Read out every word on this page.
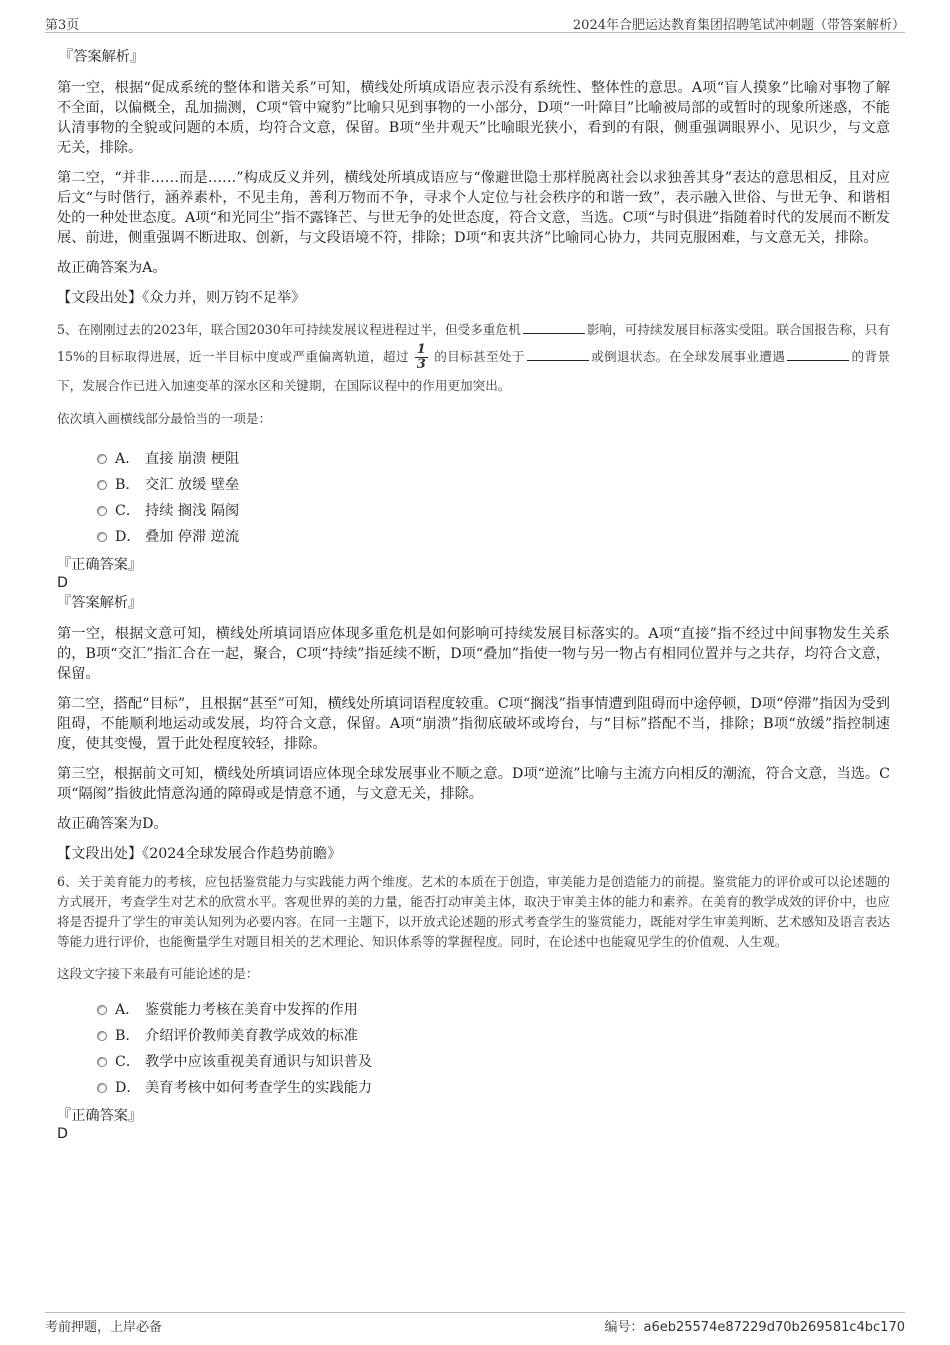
第3页	2024年合肥运达教育集团招聘笔试冲刺题（带答案解析）

『答案解析』

第一空，根据“促成系统的整体和谐关系”可知，横线处所填成语应表示没有系统性、整体性的意思。A项“盲人摸象”比喻对事物了解不全面，以偏概全，乱加揣测，C项“管中窥豹”比喻只见到事物的一小部分，D项“一叶障目”比喻被局部的或暂时的现象所迷惑，不能认清事物的全貌或问题的本质，均符合文意，保留。B项“坐井观天”比喻眼光狭小，看到的有限，侧重强调眼界小、见识少，与文意无关，排除。

第二空，“并非……而是……”构成反义并列，横线处所填成语应与“像避世隐士那样脱离社会以求独善其身”表达的意思相反，且对应后文“与时偕行，涵养素朴，不见圭角，善利万物而不争，寻求个人定位与社会秩序的和谐一致”，表示融入世俗、与世无争、和谐相处的一种处世态度。A项“和光同尘”指不露锋芒、与世无争的处世态度，符合文意，当选。C项“与时俱进”指随着时代的发展而不断发展、前进，侧重强调不断进取、创新，与文段语境不符，排除；D项“和衷共济”比喻同心协力，共同克服困难，与文意无关，排除。

故正确答案为A。

【文段出处】《众力并，则万钧不足举》

5、在刚刚过去的2023年，联合国2030年可持续发展议程进程过半，但受多重危机	影响，可持续发展目标落实受阻。联合国报告称，只有15%的目标取得进展，近一半目标中度或严重偏离轨道，超过 $\frac{1}{3}$ 的目标甚至处于	或倒退状态。在全球发展事业遭遇	的背景下，发展合作已进入加速变革的深水区和关键期，在国际议程中的作用更加突出。

依次填入画横线部分最恰当的一项是：

A． 直接 崩溃 梗阻
B． 交汇 放缓 壁垒
C． 持续 搁浅 隔阂
D． 叠加 停滞 逆流

『正确答案』

D

『答案解析』

第一空，根据文意可知，横线处所填词语应体现多重危机是如何影响可持续发展目标落实的。A项“直接”指不经过中间事物发生关系的，B项“交汇”指汇合在一起，聚合，C项“持续”指延续不断，D项“叠加”指使一物与另一物占有相同位置并与之共存，均符合文意，保留。

第二空，搭配“目标”，且根据“甚至”可知，横线处所填词语程度较重。C项“搁浅”指事情遭到阻碍而中途停顿，D项“停滞”指因为受到阻碍，不能顺利地运动或发展，均符合文意，保留。A项“崩溃”指彻底破坏或垮台，与“目标”搭配不当，排除；B项“放缓”指控制速度，使其变慢，置于此处程度较轻，排除。

第三空，根据前文可知，横线处所填词语应体现全球发展事业不顺之意。D项“逆流”比喻与主流方向相反的潮流，符合文意，当选。C项“隔阂”指彼此情意沟通的障碍或是情意不通，与文意无关，排除。

故正确答案为D。

【文段出处】《2024全球发展合作趋势前瞻》

6、关于美育能力的考核，应包括鉴赏能力与实践能力两个维度。艺术的本质在于创造，审美能力是创造能力的前提。鉴赏能力的评价或可以论述题的方式展开，考查学生对艺术的欣赏水平。客观世界的美的力量，能否打动审美主体，取决于审美主体的能力和素养。在美育的教学成效的评价中，也应将是否提升了学生的审美认知列为必要内容。在同一主题下，以开放式论述题的形式考查学生的鉴赏能力，既能对学生审美判断、艺术感知及语言表达等能力进行评价，也能衡量学生对题目相关的艺术理论、知识体系等的掌握程度。同时，在论述中也能窥见学生的价值观、人生观。

这段文字接下来最有可能论述的是：

A． 鉴赏能力考核在美育中发挥的作用
B． 介绍评价教师美育教学成效的标准
C． 教学中应该重视美育通识与知识普及
D． 美育考核中如何考查学生的实践能力

『正确答案』

D

考前押题，上岸必备	编号：a6eb25574e87229d70b269581c4bc170
